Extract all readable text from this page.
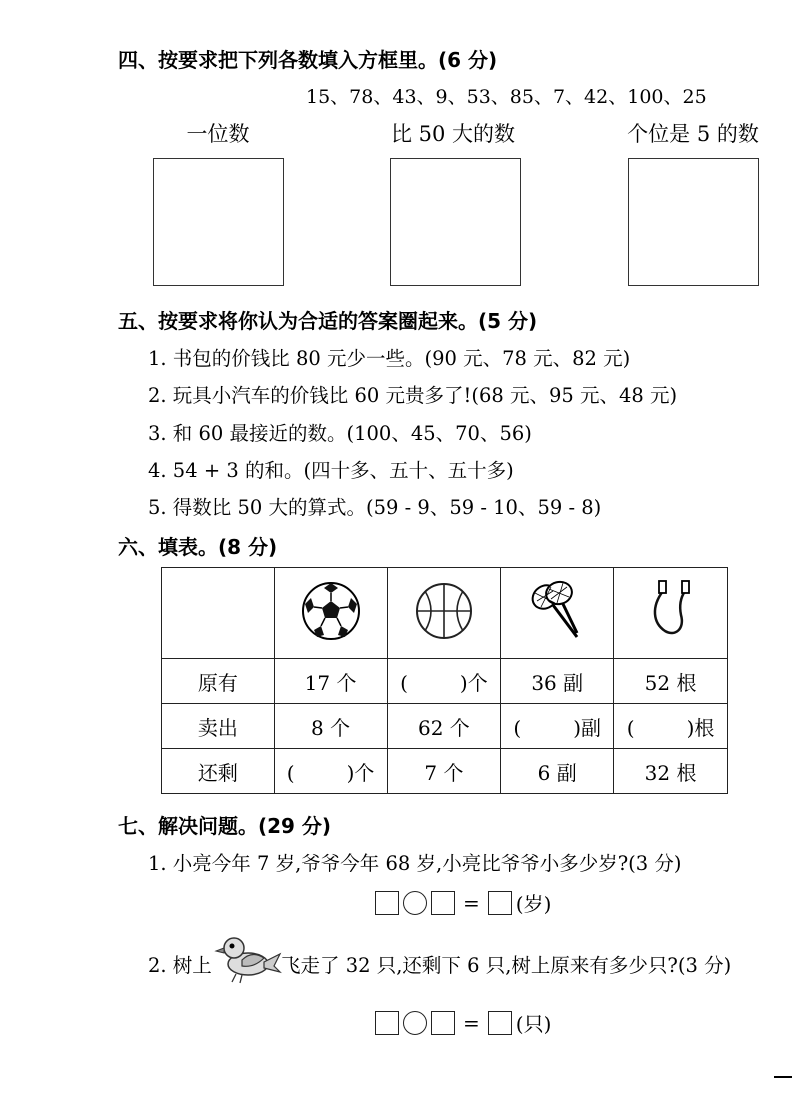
四、按要求把下列各数填入方框里。(6 分)
15、78、43、9、53、85、7、42、100、25
一位数	比 50 大的数	个位是 5 的数
五、按要求将你认为合适的答案圈起来。(5 分)
1. 书包的价钱比 80 元少一些。(90 元、78 元、82 元)
2. 玩具小汽车的价钱比 60 元贵多了!(68 元、95 元、48 元)
3. 和 60 最接近的数。(100、45、70、56)
4. 54 + 3 的和。(四十多、五十、五十多)
5. 得数比 50 大的算式。(59 - 9、59 - 10、59 - 8)
六、填表。(8 分)

原有	17 个	( )个	36 副	52 根
卖出	8 个	62 个	( )副	( )根
还剩	( )个	7 个	6 副	32 根
七、解决问题。(29 分)
1. 小亮今年 7 岁,爷爷今年 68 岁,小亮比爷爷小多少岁?(3 分)
= (岁)
2. 树上	飞走了 32 只,还剩下 6 只,树上原来有多少只?(3 分)
= (只)
